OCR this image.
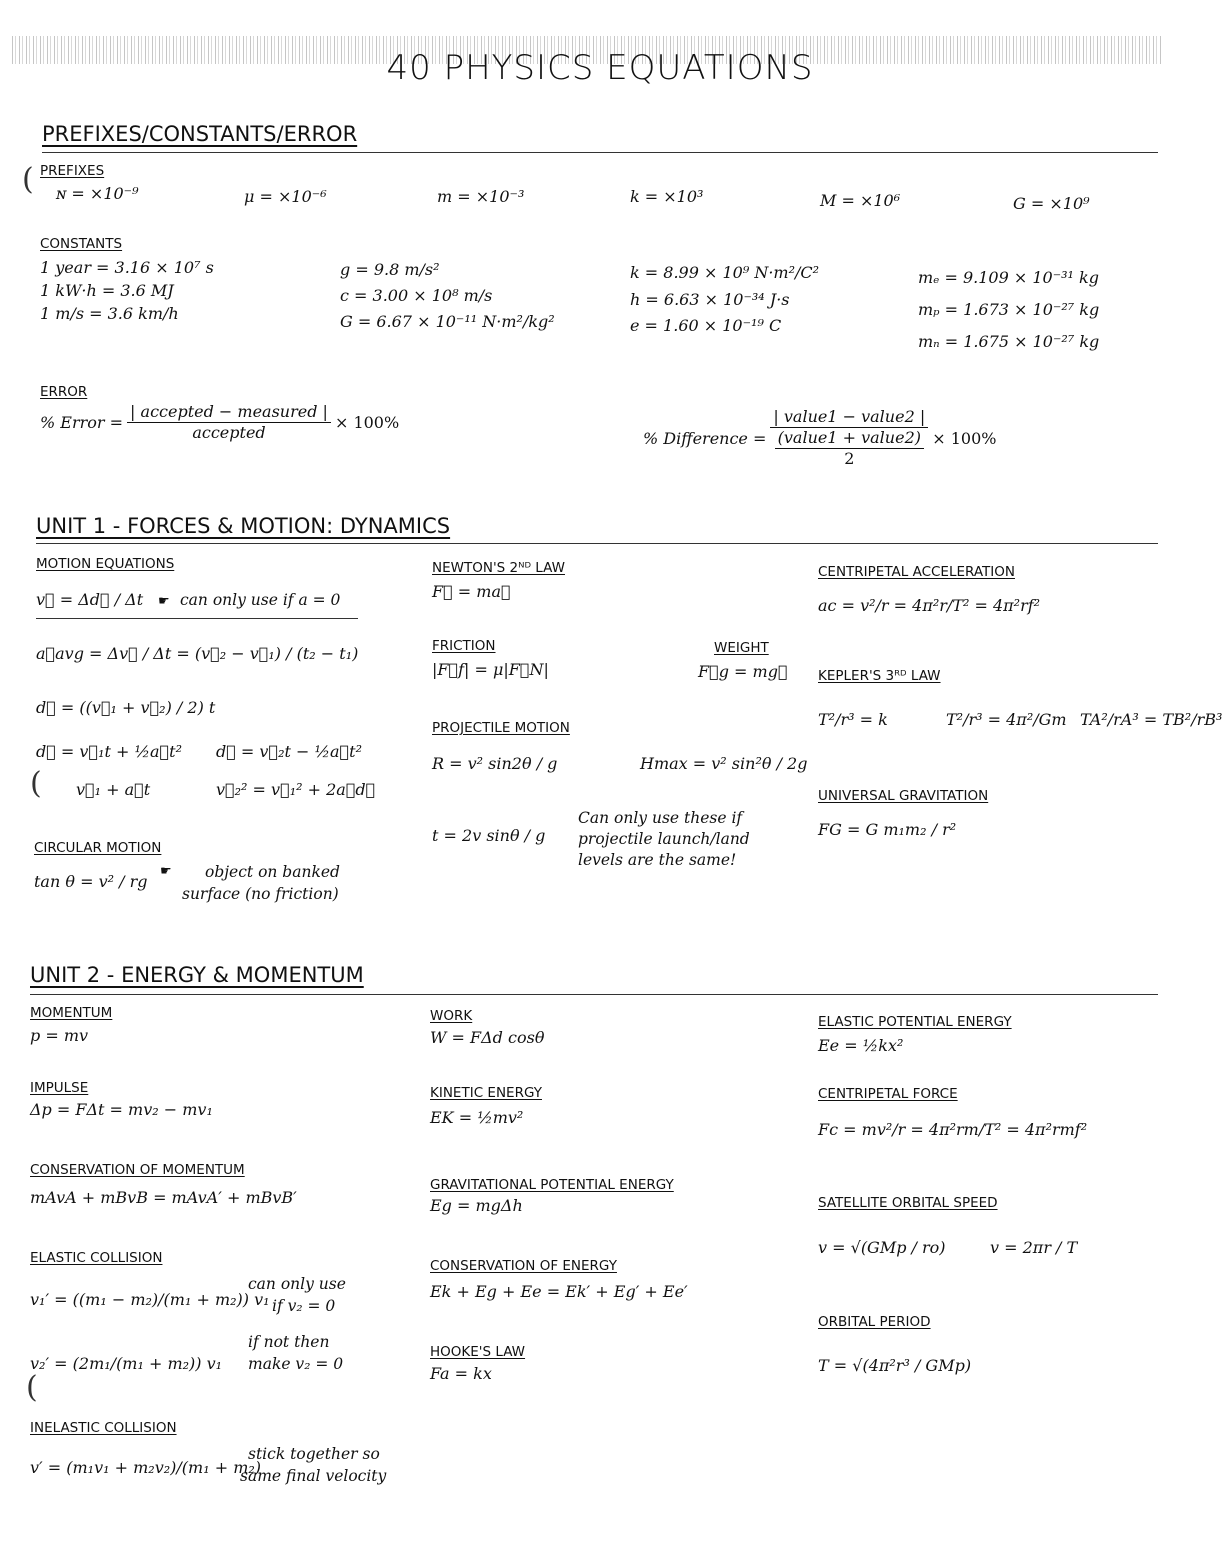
40 PHYSICS EQUATIONS
PREFIXES/CONSTANTS/ERROR
( PREFIXES
ɴ = ×10⁻⁹	μ = ×10⁻⁶	m = ×10⁻³	k = ×10³	M = ×10⁶	G = ×10⁹
CONSTANTS
1 year = 3.16 × 10⁷ s
1 kW·h = 3.6 MJ
1 m/s = 3.6 km/h
g = 9.8 m/s²
c = 3.00 × 10⁸ m/s
G = 6.67 × 10⁻¹¹ N·m²/kg²
k = 8.99 × 10⁹ N·m²/C²
h = 6.63 × 10⁻³⁴ J·s
e = 1.60 × 10⁻¹⁹ C
mₑ = 9.109 × 10⁻³¹ kg
mₚ = 1.673 × 10⁻²⁷ kg
mₙ = 1.675 × 10⁻²⁷ kg
ERROR
% Error = $\frac{\text{| accepted − measured |}}{\text{accepted}} \times 100\%$
% Difference = $\frac{\text{| value1 − value2 |}}{\frac{\text{(value1 + value2)}}{2}} \times 100\%$
UNIT 1 - FORCES & MOTION: DYNAMICS
MOTION EQUATIONS
v⃗ = Δd⃗ / Δt ☛ can only use if a = 0
a⃗avg = Δv⃗ / Δt = (v⃗₂ − v⃗₁) / (t₂ − t₁)
d⃗ = ((v⃗₁ + v⃗₂) / 2) t
d⃗ = v⃗₁t + ½a⃗t² d⃗ = v⃗₂t − ½a⃗t²
( v⃗₁ + a⃗t	v⃗₂² = v⃗₁² + 2a⃗d⃗
CIRCULAR MOTION
tan θ = v² / rg
☛ object on banked
surface (no friction)
NEWTON'S 2ᴺᴰ LAW
F⃗ = ma⃗
FRICTION
|F⃗f| = μ|F⃗N|
WEIGHT
F⃗g = mg⃗
PROJECTILE MOTION
R = v² sin2θ / g	Hmax = v² sin²θ / 2g
t = 2v sinθ / g
Can only use these if projectile launch/land levels are the same!
CENTRIPETAL ACCELERATION
ac = v²/r = 4π²r/T² = 4π²rf²
KEPLER'S 3ᴿᴰ LAW
T²/r³ = k	T²/r³ = 4π²/Gm TA²/rA³ = TB²/rB³
UNIVERSAL GRAVITATION
FG = G m₁m₂ / r²
UNIT 2 - ENERGY & MOMENTUM
MOMENTUM
p = mv
IMPULSE
Δp = FΔt = mv₂ − mv₁
CONSERVATION OF MOMENTUM
mAvA + mBvB = mAvA′ + mBvB′
ELASTIC COLLISION
v₁′ = ((m₁ − m₂)/(m₁ + m₂)) v₁
v₂′ = (2m₁/(m₁ + m₂)) v₁
can only use
if v₂ = 0
if not then
make v₂ = 0
(
INELASTIC COLLISION
v′ = (m₁v₁ + m₂v₂)/(m₁ + m₂)
stick together so
same final velocity
WORK
W = FΔd cosθ
KINETIC ENERGY
EK = ½mv²
GRAVITATIONAL POTENTIAL ENERGY
Eg = mgΔh
CONSERVATION OF ENERGY
Ek + Eg + Ee = Ek′ + Eg′ + Ee′
HOOKE'S LAW
Fa = kx
ELASTIC POTENTIAL ENERGY
Ee = ½kx²
CENTRIPETAL FORCE
Fc = mv²/r = 4π²rm/T² = 4π²rmf²
SATELLITE ORBITAL SPEED
v = √(GMp / ro)	v = 2πr / T
ORBITAL PERIOD
T = √(4π²r³ / GMp)
